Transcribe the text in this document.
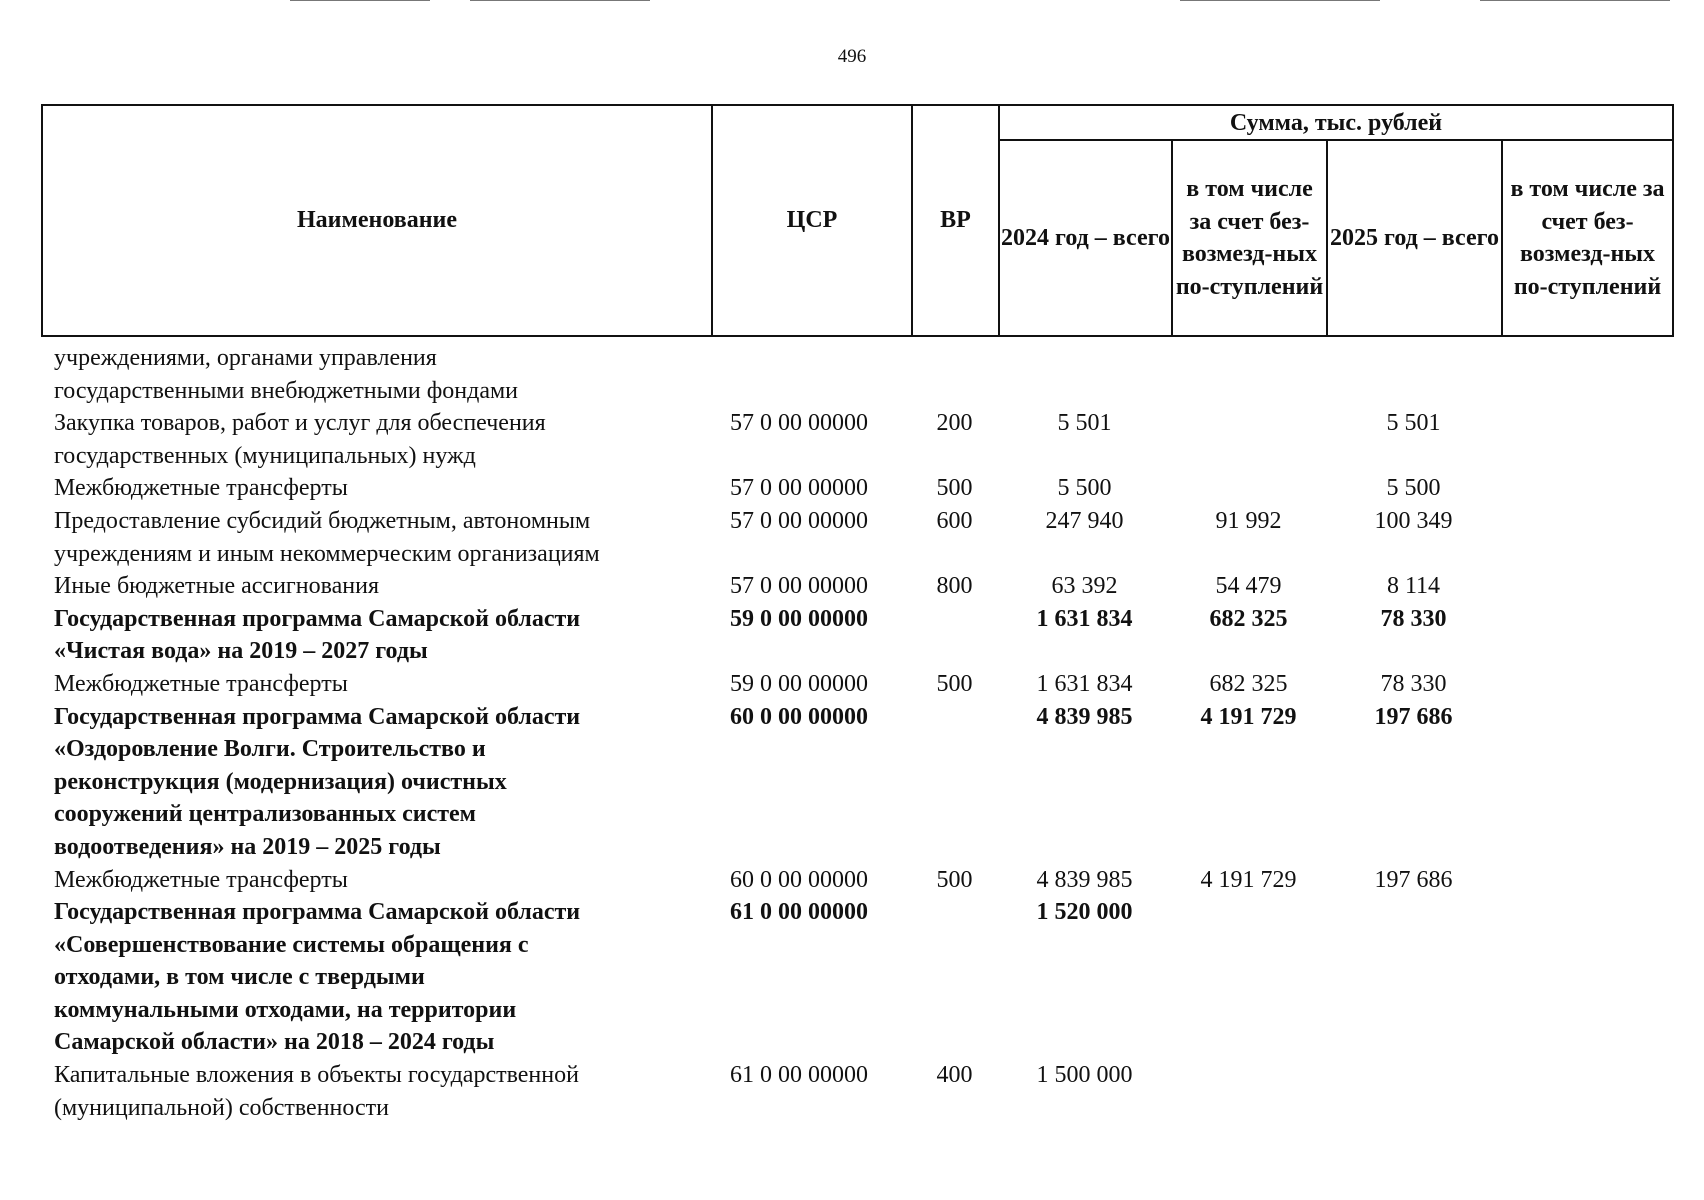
496
Наименование	ЦСР	ВР	Сумма, тыс. рублей			
			2024 год – всего	в том числе за счет без-возмезд-ных по-ступлений	2025 год – всего	в том числе за счет без-возмезд-ных по-ступлений
учреждениями, органами управления
государственными внебюджетными фондами						

Закупка товаров, работ и услуг для обеспечения
государственных (муниципальных) нужд	57 0 00 00000	200	5 501		5 501	

Межбюджетные трансферты	57 0 00 00000	500	5 500		5 500	

Предоставление субсидий бюджетным, автономным
учреждениям и иным некоммерческим организациям	57 0 00 00000	600	247 940	91 992	100 349	

Иные бюджетные ассигнования	57 0 00 00000	800	63 392	54 479	8 114	

Государственная программа Самарской области
«Чистая вода» на 2019 – 2027 годы	59 0 00 00000		1 631 834	682 325	78 330	

Межбюджетные трансферты	59 0 00 00000	500	1 631 834	682 325	78 330	

Государственная программа Самарской области
«Оздоровление Волги. Строительство и
реконструкция (модернизация) очистных
сооружений централизованных систем
водоотведения» на 2019 – 2025 годы	60 0 00 00000		4 839 985	4 191 729	197 686	

Межбюджетные трансферты	60 0 00 00000	500	4 839 985	4 191 729	197 686	

Государственная программа Самарской области
«Совершенствование системы обращения с
отходами, в том числе с твердыми
коммунальными отходами, на территории
Самарской области» на 2018 – 2024 годы	61 0 00 00000		1 520 000			

Капитальные вложения в объекты государственной
(муниципальной) собственности	61 0 00 00000	400	1 500 000			
